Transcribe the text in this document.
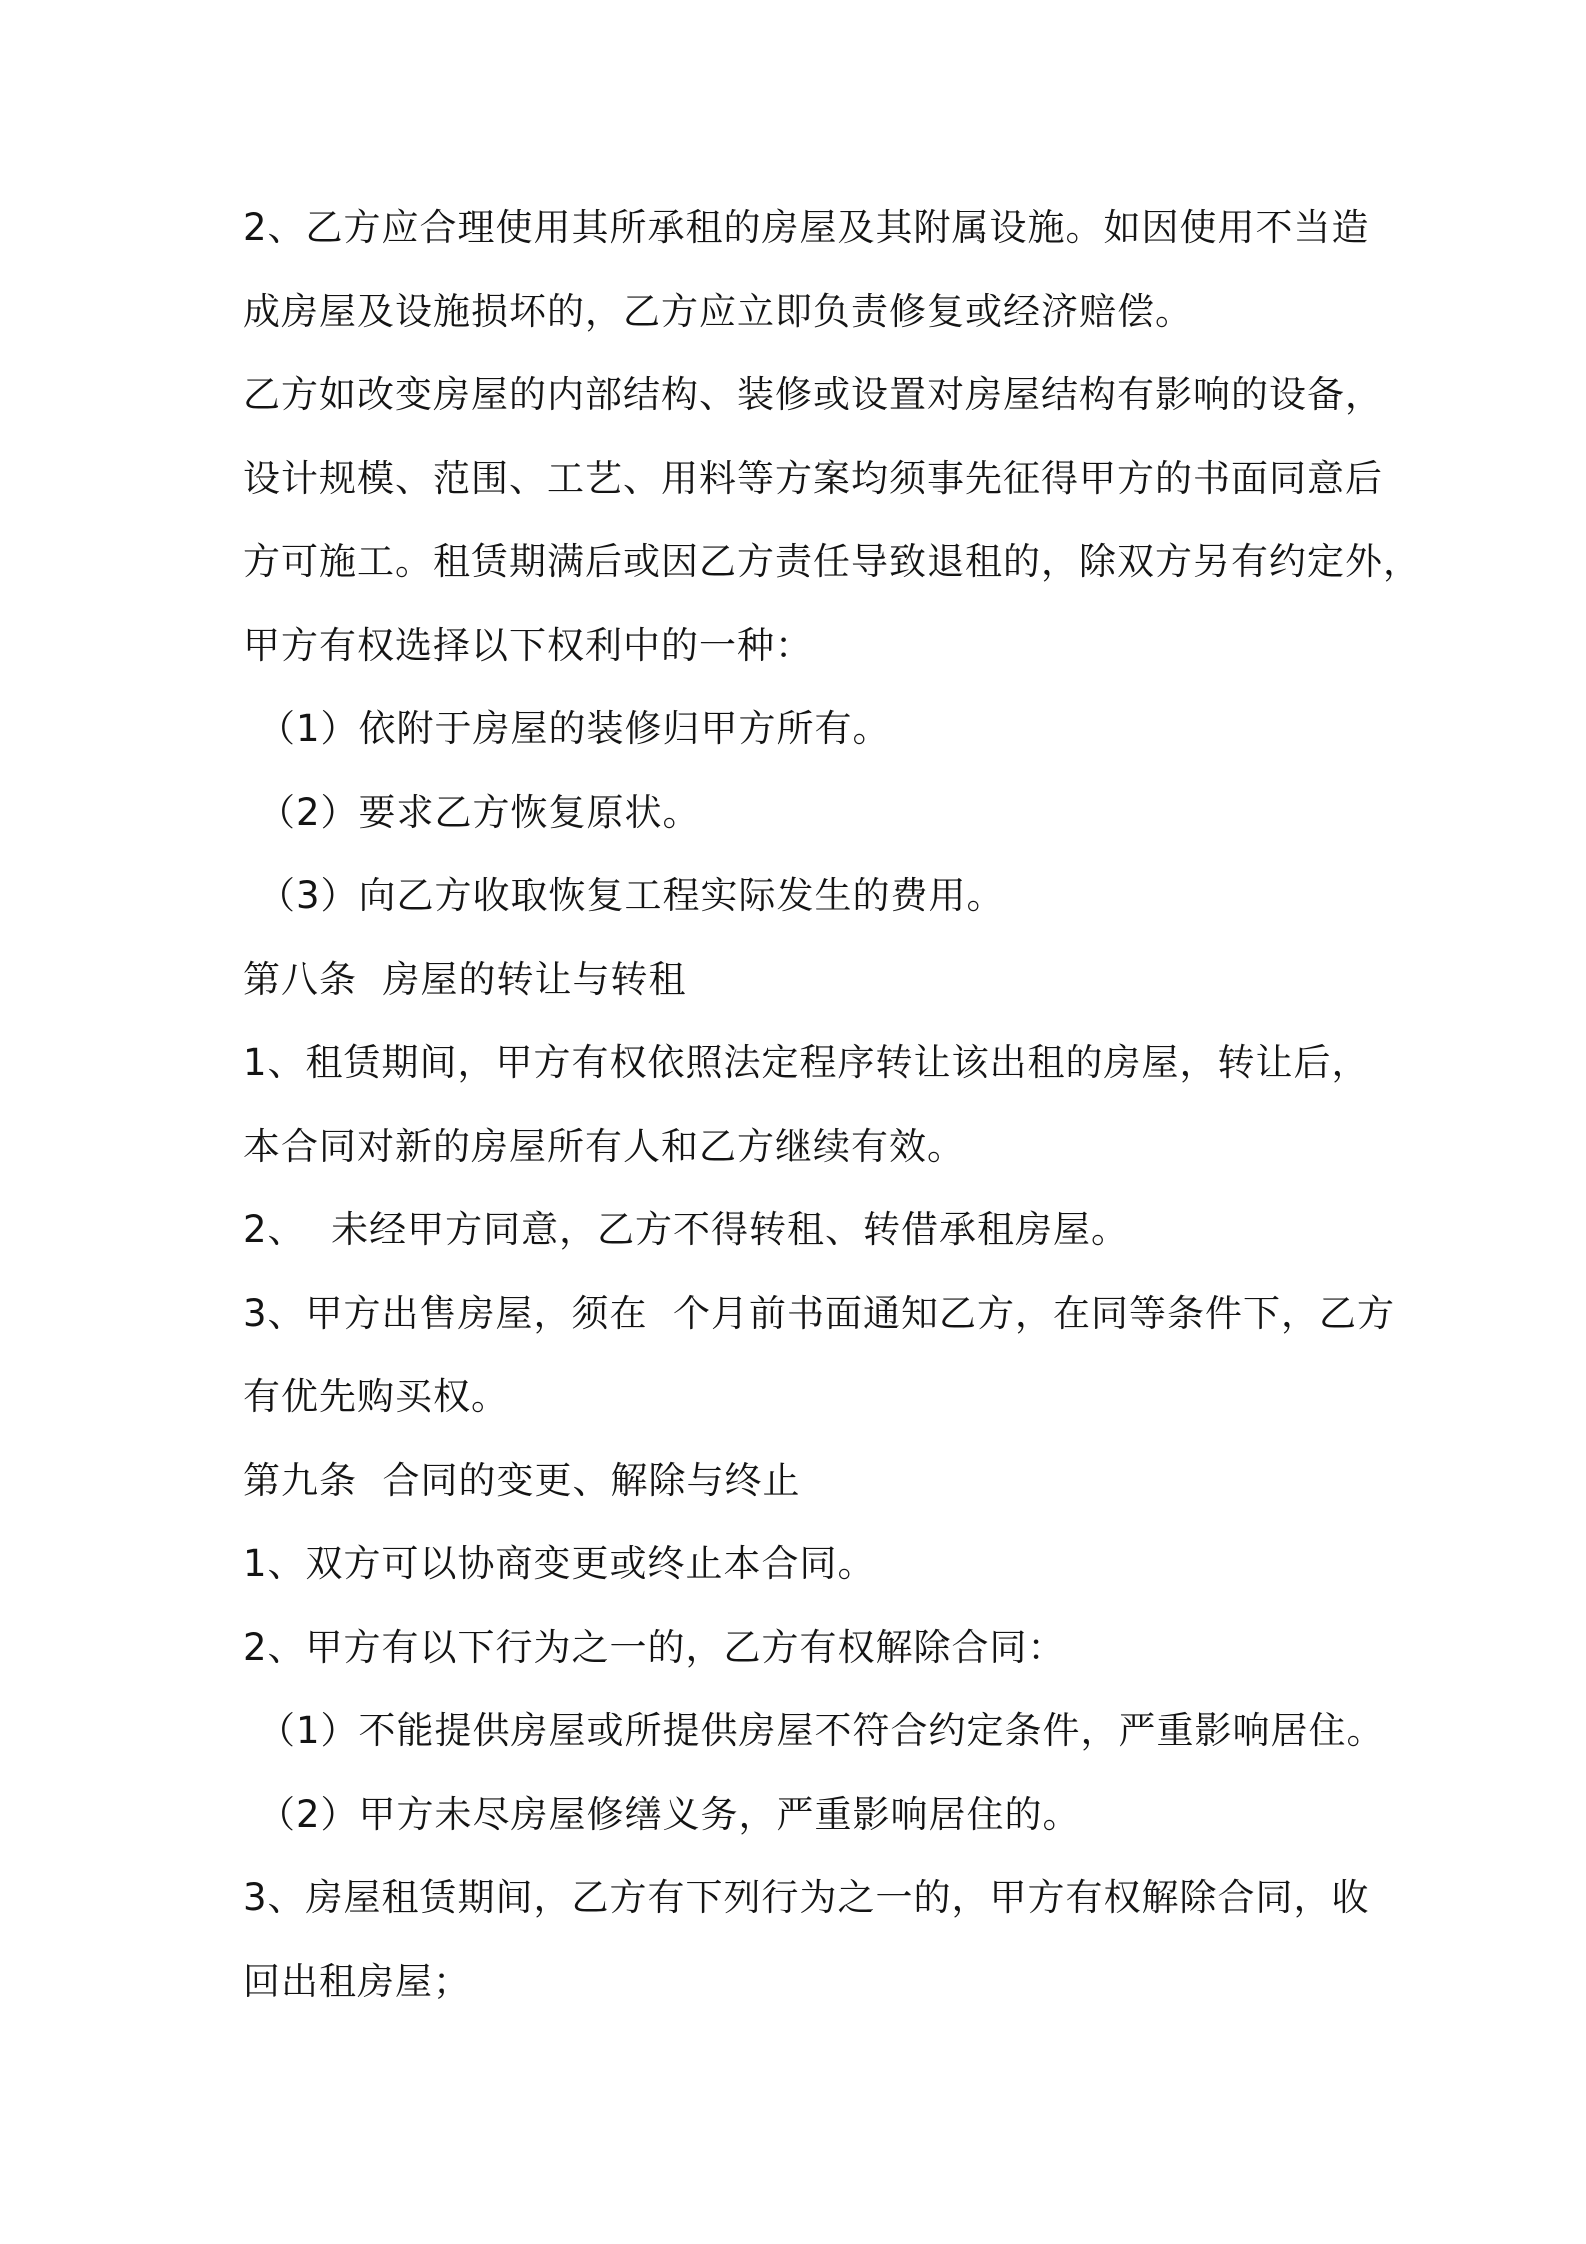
2、乙方应合理使用其所承租的房屋及其附属设施。如因使用不当造
成房屋及设施损坏的，乙方应立即负责修复或经济赔偿。
乙方如改变房屋的内部结构、装修或设置对房屋结构有影响的设备，
设计规模、范围、工艺、用料等方案均须事先征得甲方的书面同意后
方可施工。租赁期满后或因乙方责任导致退租的，除双方另有约定外，
甲方有权选择以下权利中的一种：
（1）依附于房屋的装修归甲方所有。
（2）要求乙方恢复原状。
（3）向乙方收取恢复工程实际发生的费用。
第八条  房屋的转让与转租
1、租赁期间，甲方有权依照法定程序转让该出租的房屋，转让后，
本合同对新的房屋所有人和乙方继续有效。
2、  未经甲方同意，乙方不得转租、转借承租房屋。
3、甲方出售房屋，须在  个月前书面通知乙方，在同等条件下，乙方
有优先购买权。
第九条  合同的变更、解除与终止
1、双方可以协商变更或终止本合同。
2、甲方有以下行为之一的，乙方有权解除合同：
（1）不能提供房屋或所提供房屋不符合约定条件，严重影响居住。
（2）甲方未尽房屋修缮义务，严重影响居住的。
3、房屋租赁期间，乙方有下列行为之一的，甲方有权解除合同，收
回出租房屋；
